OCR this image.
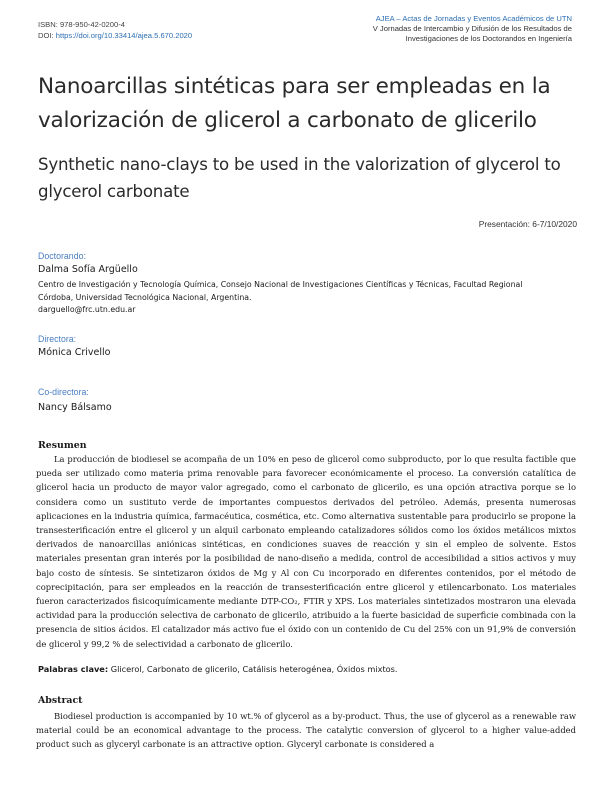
ISBN: 978-950-42-0200-4
DOI: https://doi.org/10.33414/ajea.5.670.2020
AJEA – Actas de Jornadas y Eventos Académicos de UTN
V Jornadas de Intercambio y Difusión de los Resultados de
Investigaciones de los Doctorandos en Ingeniería
Nanoarcillas sintéticas para ser empleadas en la valorización de glicerol a carbonato de glicerilo
Synthetic nano-clays to be used in the valorization of glycerol to glycerol carbonate
Presentación: 6-7/10/2020
Doctorando:
Dalma Sofía Argüello
Centro de Investigación y Tecnología Química, Consejo Nacional de Investigaciones Científicas y Técnicas, Facultad Regional
Córdoba, Universidad Tecnológica Nacional, Argentina.
darguello@frc.utn.edu.ar
Directora:
Mónica Crivello
Co-directora:
Nancy Bálsamo
Resumen
La producción de biodiesel se acompaña de un 10% en peso de glicerol como subproducto, por lo que resulta factible que pueda ser utilizado como materia prima renovable para favorecer económicamente el proceso. La conversión catalítica de glicerol hacia un producto de mayor valor agregado, como el carbonato de glicerilo, es una opción atractiva porque se lo considera como un sustituto verde de importantes compuestos derivados del petróleo. Además, presenta numerosas aplicaciones en la industria química, farmacéutica, cosmética, etc. Como alternativa sustentable para producirlo se propone la transesterificación entre el glicerol y un alquil carbonato empleando catalizadores sólidos como los óxidos metálicos mixtos derivados de nanoarcillas aniónicas sintéticas, en condiciones suaves de reacción y sin el empleo de solvente. Estos materiales presentan gran interés por la posibilidad de nano-diseño a medida, control de accesibilidad a sitios activos y muy bajo costo de síntesis. Se sintetizaron óxidos de Mg y Al con Cu incorporado en diferentes contenidos, por el método de coprecipitación, para ser empleados en la reacción de transesterificación entre glicerol y etilencarbonato. Los materiales fueron caracterizados fisicoquímicamente mediante DTP-CO₂, FTIR y XPS. Los materiales sintetizados mostraron una elevada actividad para la producción selectiva de carbonato de glicerilo, atribuido a la fuerte basicidad de superficie combinada con la presencia de sitios ácidos. El catalizador más activo fue el óxido con un contenido de Cu del 25% con un 91,9% de conversión de glicerol y 99,2 % de selectividad a carbonato de glicerilo.
Palabras clave: Glicerol, Carbonato de glicerilo, Catálisis heterogénea, Óxidos mixtos.
Abstract
Biodiesel production is accompanied by 10 wt.% of glycerol as a by-product. Thus, the use of glycerol as a renewable raw material could be an economical advantage to the process. The catalytic conversion of glycerol to a higher value-added product such as glyceryl carbonate is an attractive option. Glyceryl carbonate is considered a
